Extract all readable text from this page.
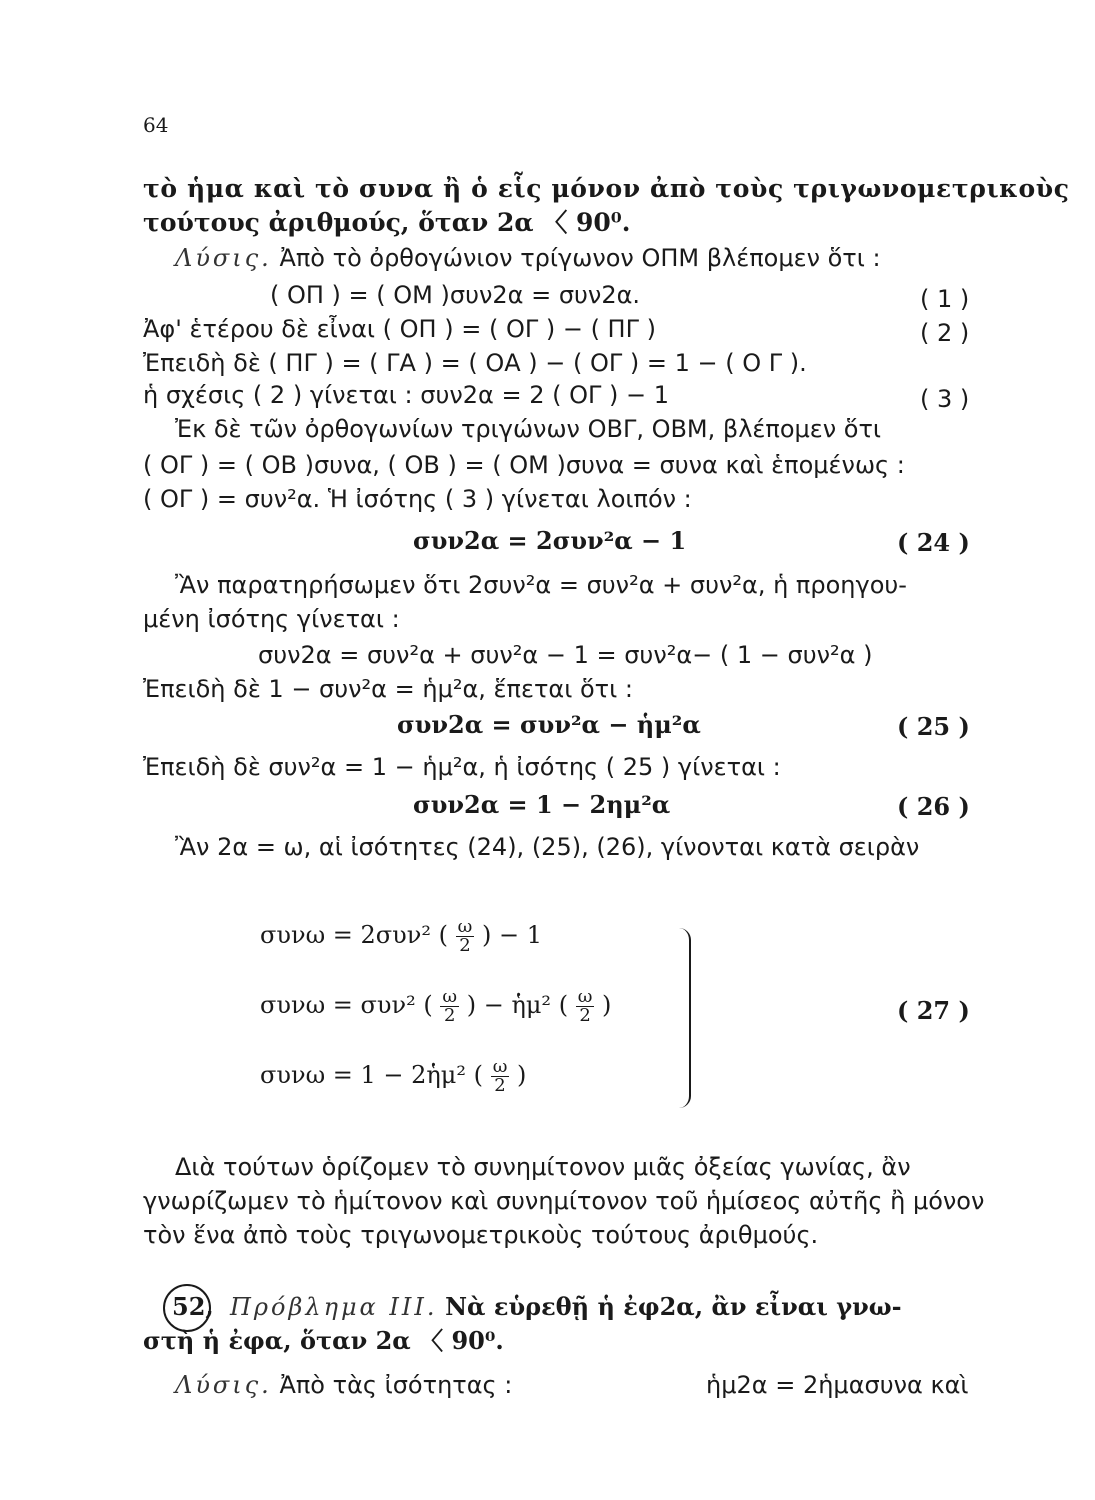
64
τὸ ἡμα καὶ τὸ συνα ἢ ὁ εἷς μόνον ἀπὸ τοὺς τριγωνομετρικοὺς
τούτους ἀριθμούς, ὅταν 2α 〈 90⁰.
Λύσις. Ἀπὸ τὸ ὀρθογώνιον τρίγωνον ΟΠΜ βλέπομεν ὅτι :
( ΟΠ ) = ( ΟΜ )συν2α = συν2α.	( 1 )
Ἀφ' ἑτέρου δὲ εἶναι ( ΟΠ ) = ( ΟΓ ) − ( ΠΓ )	( 2 )
Ἐπειδὴ δὲ ( ΠΓ ) = ( ΓΑ ) = ( ΟΑ ) − ( ΟΓ ) = 1 − ( Ο Γ ).
ἡ σχέσις ( 2 ) γίνεται : συν2α = 2 ( ΟΓ ) − 1	( 3 )
Ἐκ δὲ τῶν ὀρθογωνίων τριγώνων ΟΒΓ, ΟΒΜ, βλέπομεν ὅτι
( ΟΓ ) = ( ΟΒ )συνα, ( ΟΒ ) = ( ΟΜ )συνα = συνα καὶ ἑπομένως :
( ΟΓ ) = συν²α. Ἡ ἰσότης ( 3 ) γίνεται λοιπόν :
συν2α = 2συν²α − 1	( 24 )
Ἂν παρατηρήσωμεν ὅτι 2συν²α = συν²α + συν²α, ἡ προηγου-
μένη ἰσότης γίνεται :
συν2α = συν²α + συν²α − 1 = συν²α− ( 1 − συν²α )
Ἐπειδὴ δὲ 1 − συν²α = ἡμ²α, ἕπεται ὅτι :
συν2α = συν²α − ἡμ²α	( 25 )
Ἐπειδὴ δὲ συν²α = 1 − ἡμ²α, ἡ ἰσότης ( 25 ) γίνεται :
συν2α = 1 − 2ημ²α	( 26 )
Ἂν 2α = ω, αἱ ἰσότητες (24), (25), (26), γίνονται κατὰ σειρὰν
συνω = 2συν² ( $\frac{\omega}{2}$ ) − 1
συνω = συν² ( $\frac{\omega}{2}$ ) − ἡμ² ( $\frac{\omega}{2}$ )
συνω = 1 − 2ἡμ² ( $\frac{\omega}{2}$ )
( 27 )
Διὰ τούτων ὁρίζομεν τὸ συνημίτονον μιᾶς ὀξείας γωνίας, ἂν
γνωρίζωμεν τὸ ἡμίτονον καὶ συνημίτονον τοῦ ἡμίσεος αὐτῆς ἢ μόνον
τὸν ἕνα ἀπὸ τοὺς τριγωνομετρικοὺς τούτους ἀριθμούς.
52, Πρόβλημα ΙΙΙ. Νὰ εὑρεθῇ ἡ ἐφ2α, ἂν εἶναι γνω-
στὴ ἡ ἐφα, ὅταν 2α 〈 90⁰.
Λύσις. Ἀπὸ τὰς ἰσότητας :	ἡμ2α = 2ἡμασυνα καὶ
